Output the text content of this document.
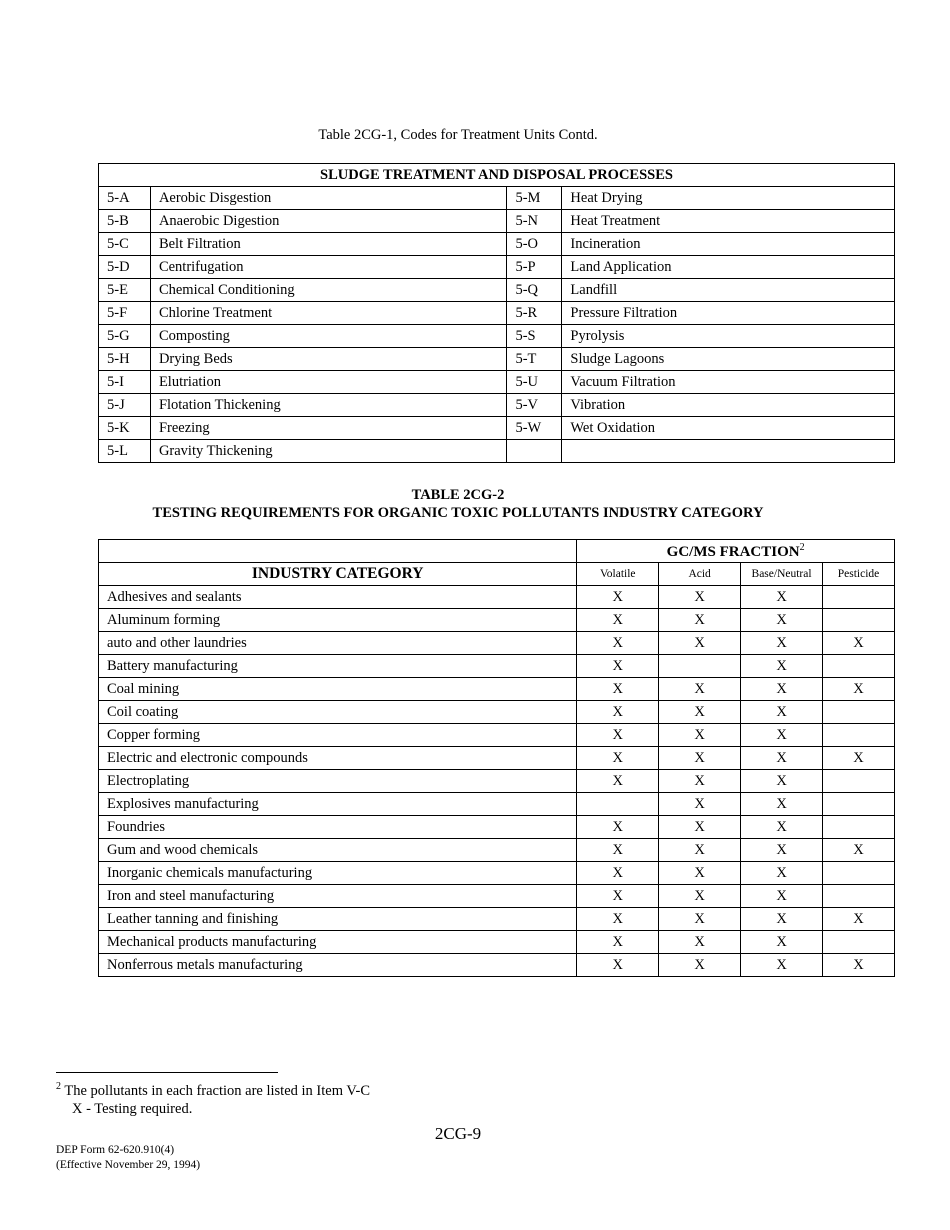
Table 2CG-1, Codes for Treatment Units Contd.
SLUDGE TREATMENT AND DISPOSAL PROCESSES			
5-A	Aerobic Disgestion	5-M	Heat Drying
5-B	Anaerobic Digestion	5-N	Heat Treatment
5-C	Belt Filtration	5-O	Incineration
5-D	Centrifugation	5-P	Land Application
5-E	Chemical Conditioning	5-Q	Landfill
5-F	Chlorine Treatment	5-R	Pressure Filtration
5-G	Composting	5-S	Pyrolysis
5-H	Drying Beds	5-T	Sludge Lagoons
5-I	Elutriation	5-U	Vacuum Filtration
5-J	Flotation Thickening	5-V	Vibration
5-K	Freezing	5-W	Wet Oxidation
5-L	Gravity Thickening		
TABLE 2CG-2
TESTING REQUIREMENTS FOR ORGANIC TOXIC POLLUTANTS INDUSTRY CATEGORY
	GC/MS FRACTION$^2$
INDUSTRY CATEGORY	Volatile	Acid	Base/Neutral	Pesticide
Adhesives and sealants	X	X	X	
Aluminum forming	X	X	X	
auto and other laundries	X	X	X	X
Battery manufacturing	X		X	
Coal mining	X	X	X	X
Coil coating	X	X	X	
Copper forming	X	X	X	
Electric and electronic compounds	X	X	X	X
Electroplating	X	X	X	
Explosives manufacturing		X	X	
Foundries	X	X	X	
Gum and wood chemicals	X	X	X	X
Inorganic chemicals manufacturing	X	X	X	
Iron and steel manufacturing	X	X	X	
Leather tanning and finishing	X	X	X	X
Mechanical products manufacturing	X	X	X	
Nonferrous metals manufacturing	X	X	X	X
$^2$ The pollutants in each fraction are listed in Item V-C
X - Testing required.
2CG-9
DEP Form 62-620.910(4)
(Effective November 29, 1994)
